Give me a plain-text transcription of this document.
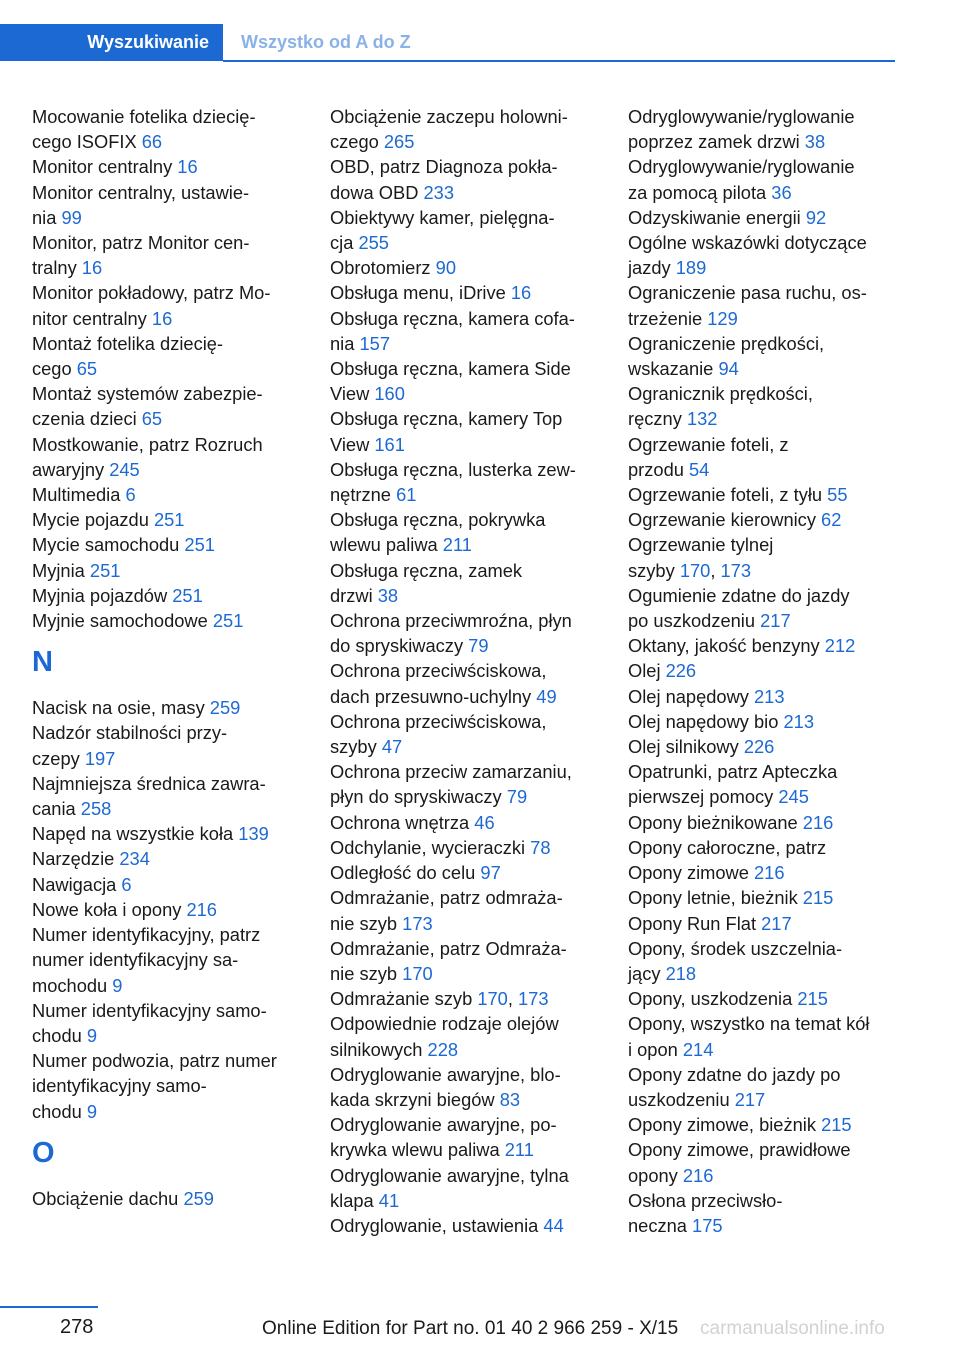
Wyszukiwanie	Wszystko od A do Z
Mocowanie fotelika dziecię-
cego ISOFIX 66
Monitor centralny 16
Monitor centralny, ustawie-
nia 99
Monitor, patrz Monitor cen-
tralny 16
Monitor pokładowy, patrz Mo-
nitor centralny 16
Montaż fotelika dziecię-
cego 65
Montaż systemów zabezpie-
czenia dzieci 65
Mostkowanie, patrz Rozruch
awaryjny 245
Multimedia 6
Mycie pojazdu 251
Mycie samochodu 251
Myjnia 251
Myjnia pojazdów 251
Myjnie samochodowe 251
N
Nacisk na osie, masy 259
Nadzór stabilności przy-
czepy 197
Najmniejsza średnica zawra-
cania 258
Napęd na wszystkie koła 139
Narzędzie 234
Nawigacja 6
Nowe koła i opony 216
Numer identyfikacyjny, patrz
numer identyfikacyjny sa-
mochodu 9
Numer identyfikacyjny samo-
chodu 9
Numer podwozia, patrz numer
identyfikacyjny samo-
chodu 9
O
Obciążenie dachu 259
Obciążenie zaczepu holowni-
czego 265
OBD, patrz Diagnoza pokła-
dowa OBD 233
Obiektywy kamer, pielęgna-
cja 255
Obrotomierz 90
Obsługa menu, iDrive 16
Obsługa ręczna, kamera cofa-
nia 157
Obsługa ręczna, kamera Side
View 160
Obsługa ręczna, kamery Top
View 161
Obsługa ręczna, lusterka zew-
nętrzne 61
Obsługa ręczna, pokrywka
wlewu paliwa 211
Obsługa ręczna, zamek
drzwi 38
Ochrona przeciwmroźna, płyn
do spryskiwaczy 79
Ochrona przeciwściskowa,
dach przesuwno-uchylny 49
Ochrona przeciwściskowa,
szyby 47
Ochrona przeciw zamarzaniu,
płyn do spryskiwaczy 79
Ochrona wnętrza 46
Odchylanie, wycieraczki 78
Odległość do celu 97
Odmrażanie, patrz odmraża-
nie szyb 173
Odmrażanie, patrz Odmraża-
nie szyb 170
Odmrażanie szyb 170, 173
Odpowiednie rodzaje olejów
silnikowych 228
Odryglowanie awaryjne, blo-
kada skrzyni biegów 83
Odryglowanie awaryjne, po-
krywka wlewu paliwa 211
Odryglowanie awaryjne, tylna
klapa 41
Odryglowanie, ustawienia 44
Odryglowywanie/ryglowanie
poprzez zamek drzwi 38
Odryglowywanie/ryglowanie
za pomocą pilota 36
Odzyskiwanie energii 92
Ogólne wskazówki dotyczące
jazdy 189
Ograniczenie pasa ruchu, os-
trzeżenie 129
Ograniczenie prędkości,
wskazanie 94
Ogranicznik prędkości,
ręczny 132
Ogrzewanie foteli, z
przodu 54
Ogrzewanie foteli, z tyłu 55
Ogrzewanie kierownicy 62
Ogrzewanie tylnej
szyby 170, 173
Ogumienie zdatne do jazdy
po uszkodzeniu 217
Oktany, jakość benzyny 212
Olej 226
Olej napędowy 213
Olej napędowy bio 213
Olej silnikowy 226
Opatrunki, patrz Apteczka
pierwszej pomocy 245
Opony bieżnikowane 216
Opony całoroczne, patrz
Opony zimowe 216
Opony letnie, bieżnik 215
Opony Run Flat 217
Opony, środek uszczelnia-
jący 218
Opony, uszkodzenia 215
Opony, wszystko na temat kół
i opon 214
Opony zdatne do jazdy po
uszkodzeniu 217
Opony zimowe, bieżnik 215
Opony zimowe, prawidłowe
opony 216
Osłona przeciwsło-
neczna 175
278	Online Edition for Part no. 01 40 2 966 259 - X/15 carmanualsonline.info
